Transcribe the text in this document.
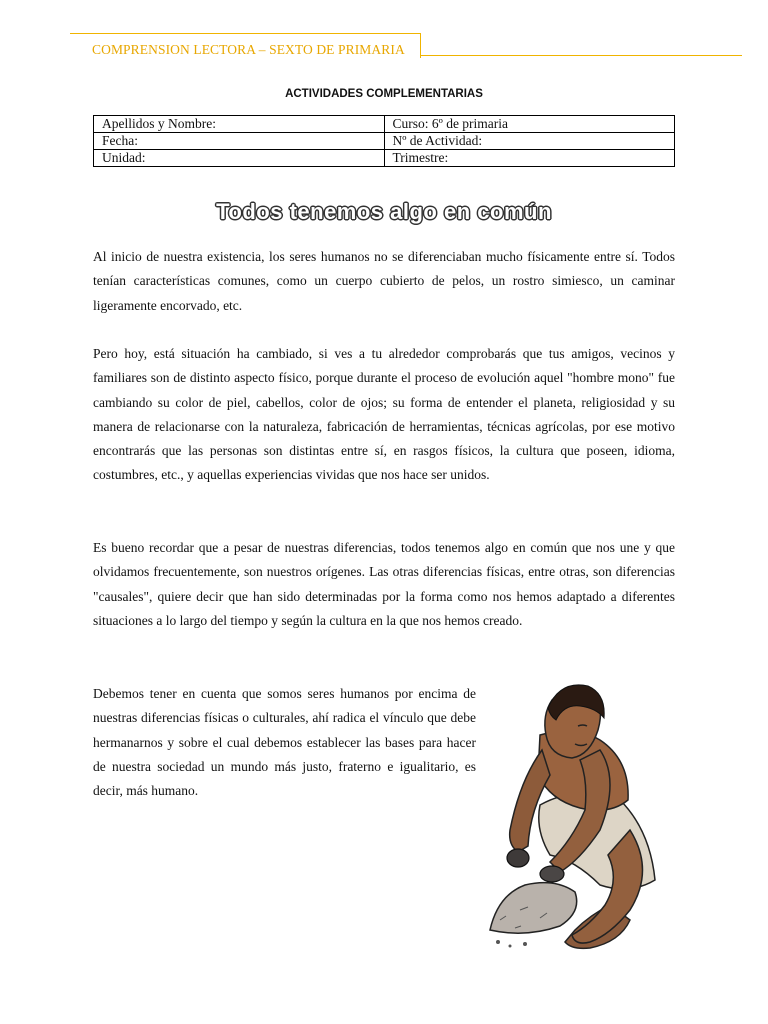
COMPRENSION LECTORA – SEXTO DE PRIMARIA
ACTIVIDADES COMPLEMENTARIAS
Apellidos y Nombre:	Curso: 6º de primaria
Fecha:	Nº de Actividad:
Unidad:	Trimestre:
Todos tenemos algo en común

Al inicio de nuestra existencia, los seres humanos no se diferenciaban mucho físicamente entre sí. Todos tenían características comunes, como un cuerpo cubierto de pelos, un rostro simiesco, un caminar ligeramente encorvado, etc.

Pero hoy, está situación ha cambiado, si ves a tu alrededor comprobarás que tus amigos, vecinos y familiares son de distinto aspecto físico, porque durante el proceso de evolución aquel "hombre mono" fue cambiando su color de piel, cabellos, color de ojos; su forma de entender el planeta, religiosidad y su manera de relacionarse con la naturaleza, fabricación de herramientas, técnicas agrícolas, por ese motivo encontrarás que las personas son distintas entre sí, en rasgos físicos, la cultura que poseen, idioma, costumbres, etc., y aquellas experiencias vividas que nos hace ser unidos.

Es bueno recordar que a pesar de nuestras diferencias, todos tenemos algo en común que nos une y que olvidamos frecuentemente, son nuestros orígenes. Las otras diferencias físicas, entre otras, son diferencias "causales", quiere decir que han sido determinadas por la forma como nos hemos adaptado a diferentes situaciones a lo largo del tiempo y según la cultura en la que nos hemos creado.

Debemos tener en cuenta que somos seres humanos por encima de nuestras diferencias físicas o culturales, ahí radica el vínculo que debe hermanarnos y sobre el cual debemos establecer las bases para hacer de nuestra sociedad un mundo más justo, fraterno e igualitario, es decir, más humano.
